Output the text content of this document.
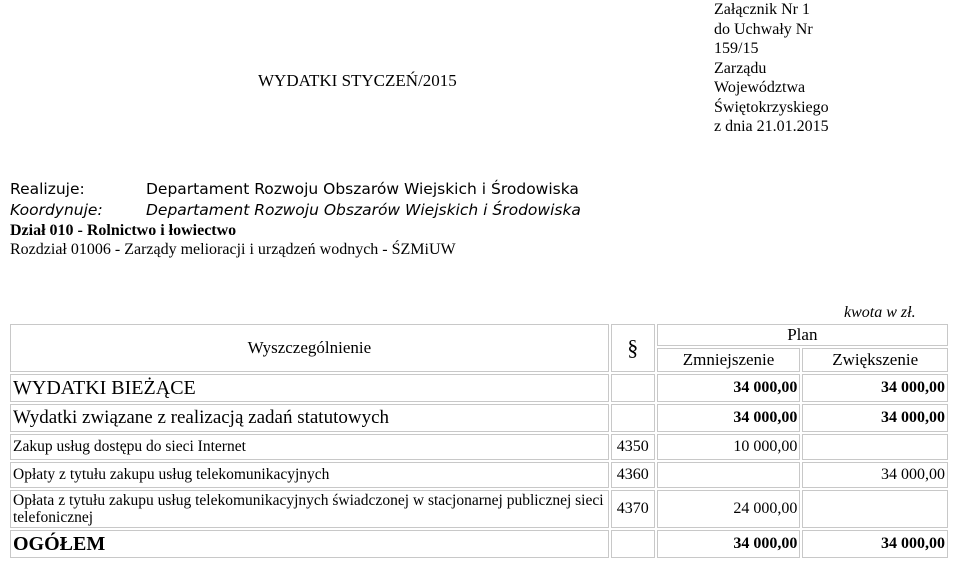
Załącznik Nr 1
do Uchwały Nr
159/15
Zarządu
Województwa
Świętokrzyskiego
z dnia 21.01.2015
WYDATKI STYCZEŃ/2015
Realizuje:	Departament Rozwoju Obszarów Wiejskich i Środowiska
Koordynuje:	Departament Rozwoju Obszarów Wiejskich i Środowiska
Dział 010 - Rolnictwo i łowiectwo
Rozdział 01006 - Zarządy melioracji i urządzeń wodnych - ŚZMiUW
kwota w zł.
Wyszczególnienie	§	Plan	
		Zmniejszenie	Zwiększenie
WYDATKI BIEŻĄCE		34 000,00	34 000,00
Wydatki związane z realizacją zadań statutowych		34 000,00	34 000,00
Zakup usług dostępu do sieci Internet	4350	10 000,00	
Opłaty z tytułu zakupu usług telekomunikacyjnych	4360		34 000,00
Opłata z tytułu zakupu usług telekomunikacyjnych świadczonej w stacjonarnej publicznej sieci telefonicznej	4370	24 000,00	
OGÓŁEM		34 000,00	34 000,00
